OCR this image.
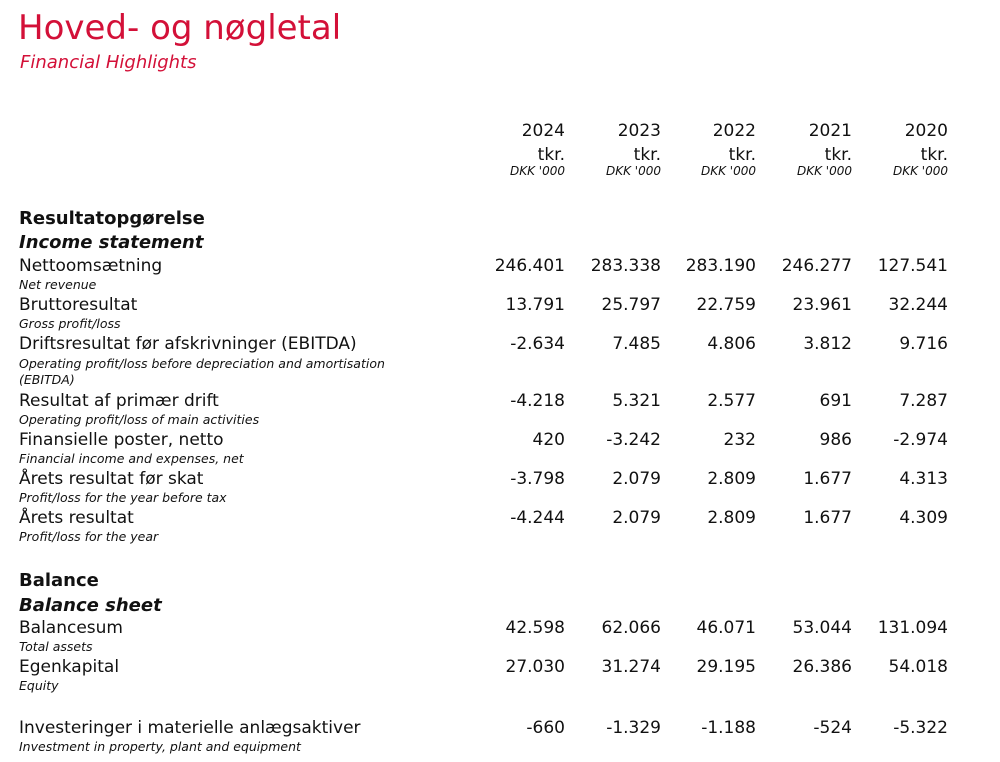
Hoved- og nøgletal
Financial Highlights
2024	2023	2022	2021	2020
tkr.	tkr.	tkr.	tkr.	tkr.
DKK '000	DKK '000	DKK '000	DKK '000	DKK '000
Resultatopgørelse
Income statement
Nettoomsætning
Net revenue
246.401	283.338	283.190	246.277	127.541
Bruttoresultat
Gross profit/loss
13.791	25.797	22.759	23.961	32.244
Driftsresultat før afskrivninger (EBITDA)
Operating profit/loss before depreciation and amortisation (EBITDA)
-2.634	7.485	4.806	3.812	9.716
Resultat af primær drift
Operating profit/loss of main activities
-4.218	5.321	2.577	691	7.287
Finansielle poster, netto
Financial income and expenses, net
420	-3.242	232	986	-2.974
Årets resultat før skat
Profit/loss for the year before tax
-3.798	2.079	2.809	1.677	4.313
Årets resultat
Profit/loss for the year
-4.244	2.079	2.809	1.677	4.309
Balance
Balance sheet
Balancesum
Total assets
42.598	62.066	46.071	53.044	131.094
Egenkapital
Equity
27.030	31.274	29.195	26.386	54.018
Investeringer i materielle anlægsaktiver
Investment in property, plant and equipment
-660	-1.329	-1.188	-524	-5.322
